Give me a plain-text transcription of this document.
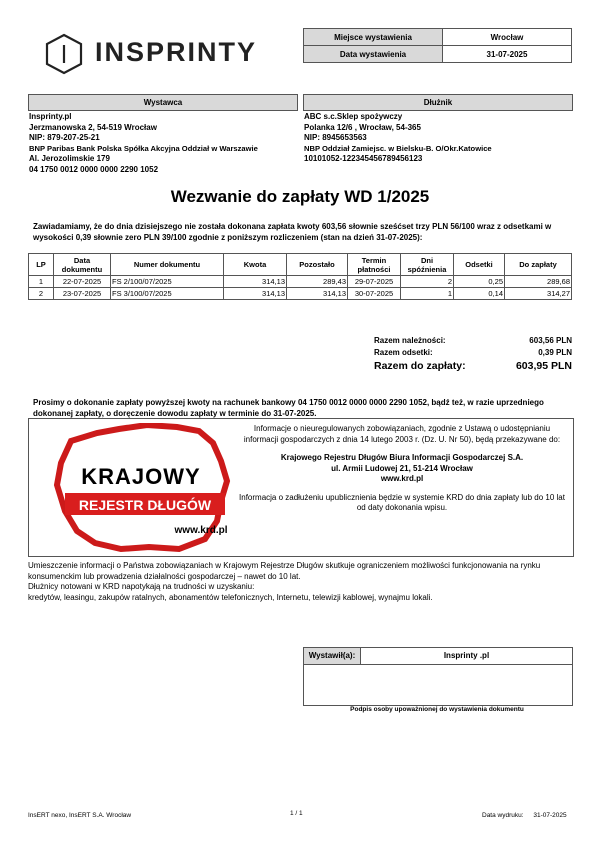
INSPRINTY	Miejsce wystawienia	Wrocław
Data wystawienia	31-07-2025
Wystawca
Insprinty.pl
Jerzmanowska 2, 54-519 Wrocław
NIP: 879-207-25-21
BNP Paribas Bank Polska Spółka Akcyjna Oddział w Warszawie
Al. Jerozolimskie 179
04 1750 0012 0000 0000 2290 1052
Dłużnik
ABC s.c.Sklep spożywczy
Polanka 12/6 , Wrocław, 54-365
NIP: 8945653563
NBP Oddział Zamiejsc. w Bielsku-B. O/Okr.Katowice
10101052-122345456789456123
Wezwanie do zapłaty WD 1/2025
Zawiadamiamy, że do dnia dzisiejszego nie została dokonana zapłata kwoty 603,56 słownie sześćset trzy PLN 56/100 wraz z odsetkami w wysokości 0,39 słownie zero PLN 39/100 zgodnie z poniższym rozliczeniem (stan na dzień 31-07-2025):
LP	Data dokumentu	Numer dokumentu	Kwota	Pozostało	Termin płatności	Dni spóźnienia	Odsetki	Do zapłaty
1	22-07-2025	FS 2/100/07/2025	314,13	289,43	29-07-2025	2	0,25	289,68
2	23-07-2025	FS 3/100/07/2025	314,13	314,13	30-07-2025	1	0,14	314,27
Razem należności:	603,56 PLN
Razem odsetki:	0,39 PLN
Razem do zapłaty:	603,95 PLN
Prosimy o dokonanie zapłaty powyższej kwoty na rachunek bankowy 04 1750 0012 0000 0000 2290 1052, bądź też, w razie uprzedniego dokonanej zapłaty, o doręczenie dowodu zapłaty w terminie do 31-07-2025.
KRAJOWY
REJESTR DŁUGÓW
www.krd.pl
Informacje o nieuregulowanych zobowiązaniach, zgodnie z Ustawą o udostępnianiu informacji gospodarczych z dnia 14 lutego 2003 r. (Dz. U. Nr 50), będą przekazywane do:
Krajowego Rejestru Długów Biura Informacji Gospodarczej S.A.
ul. Armii Ludowej 21, 51-214 Wrocław
www.krd.pl
Informacja o zadłużeniu upublicznienia będzie w systemie KRD do dnia zapłaty lub do 10 lat od daty dokonania wpisu.
Umieszczenie informacji o Państwa zobowiązaniach w Krajowym Rejestrze Długów skutkuje ograniczeniem możliwości funkcjonowania na rynku konsumenckim lub prowadzenia działalności gospodarczej – nawet do 10 lat.
Dłużnicy notowani w KRD napotykają na trudności w uzyskaniu:
kredytów, leasingu, zakupów ratalnych, abonamentów telefonicznych, Internetu, telewizji kablowej, wynajmu lokali.
Wystawił(a):	Insprinty .pl
Podpis osoby upoważnionej do wystawienia dokumentu
InsERT nexo, InsERT S.A. Wrocław	1 / 1	Data wydruku: 31-07-2025
